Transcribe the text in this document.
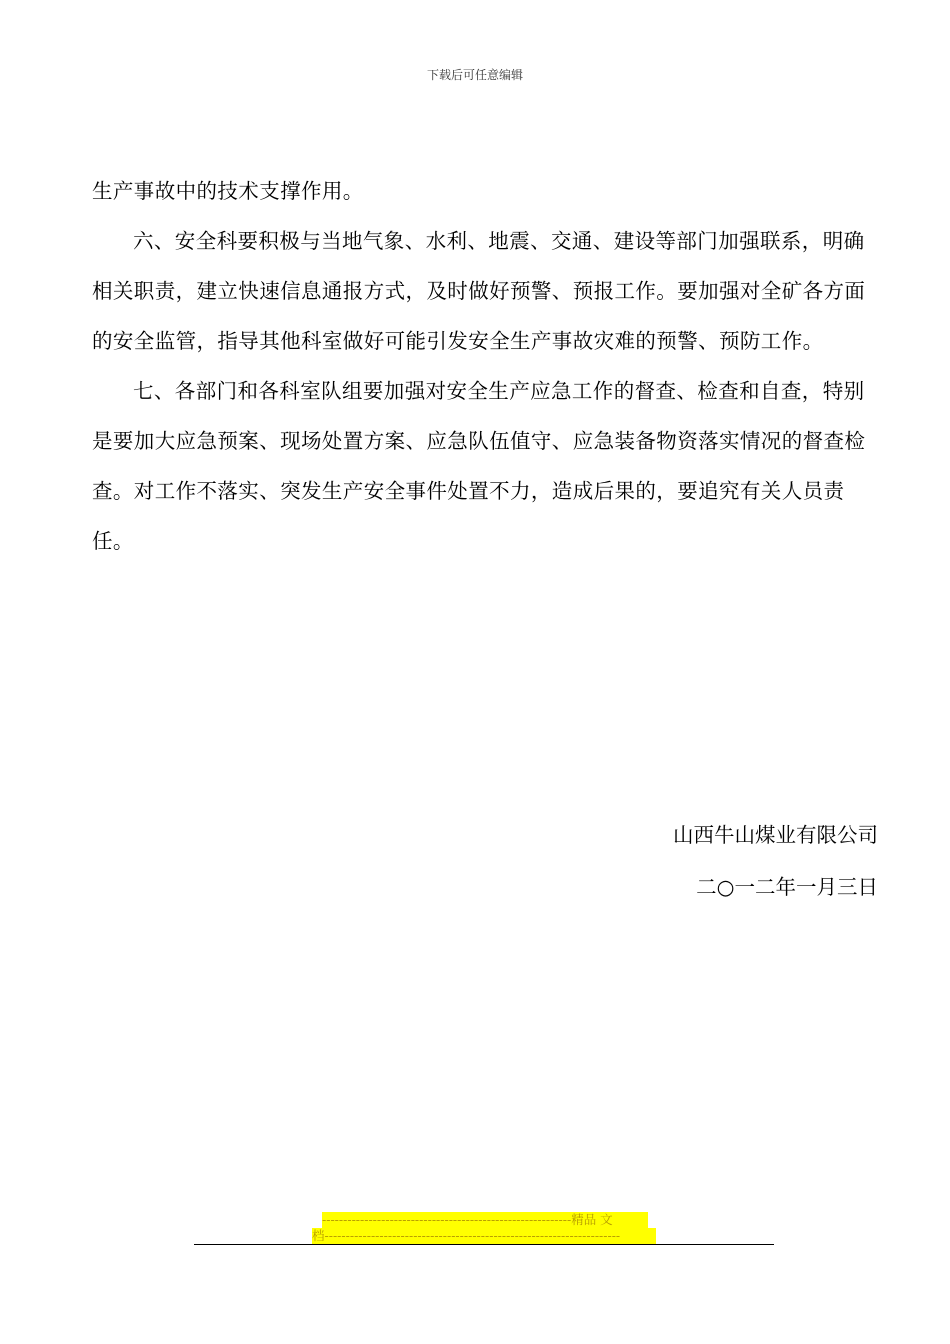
下载后可任意编辑

生产事故中的技术支撑作用。

六、安全科要积极与当地气象、水利、地震、交通、建设等部门加强联系，明确相关职责，建立快速信息通报方式，及时做好预警、预报工作。要加强对全矿各方面的安全监管，指导其他科室做好可能引发安全生产事故灾难的预警、预防工作。

七、各部门和各科室队组要加强对安全生产应急工作的督查、检查和自查，特别是要加大应急预案、现场处置方案、应急队伍值守、应急装备物资落实情况的督查检查。对工作不落实、突发生产安全事件处置不力，造成后果的，要追究有关人员责任。

山西牛山煤业有限公司
二○一二年一月三日
-----------------------------------------------------------精品 文
档----------------------------------------------------------------------
